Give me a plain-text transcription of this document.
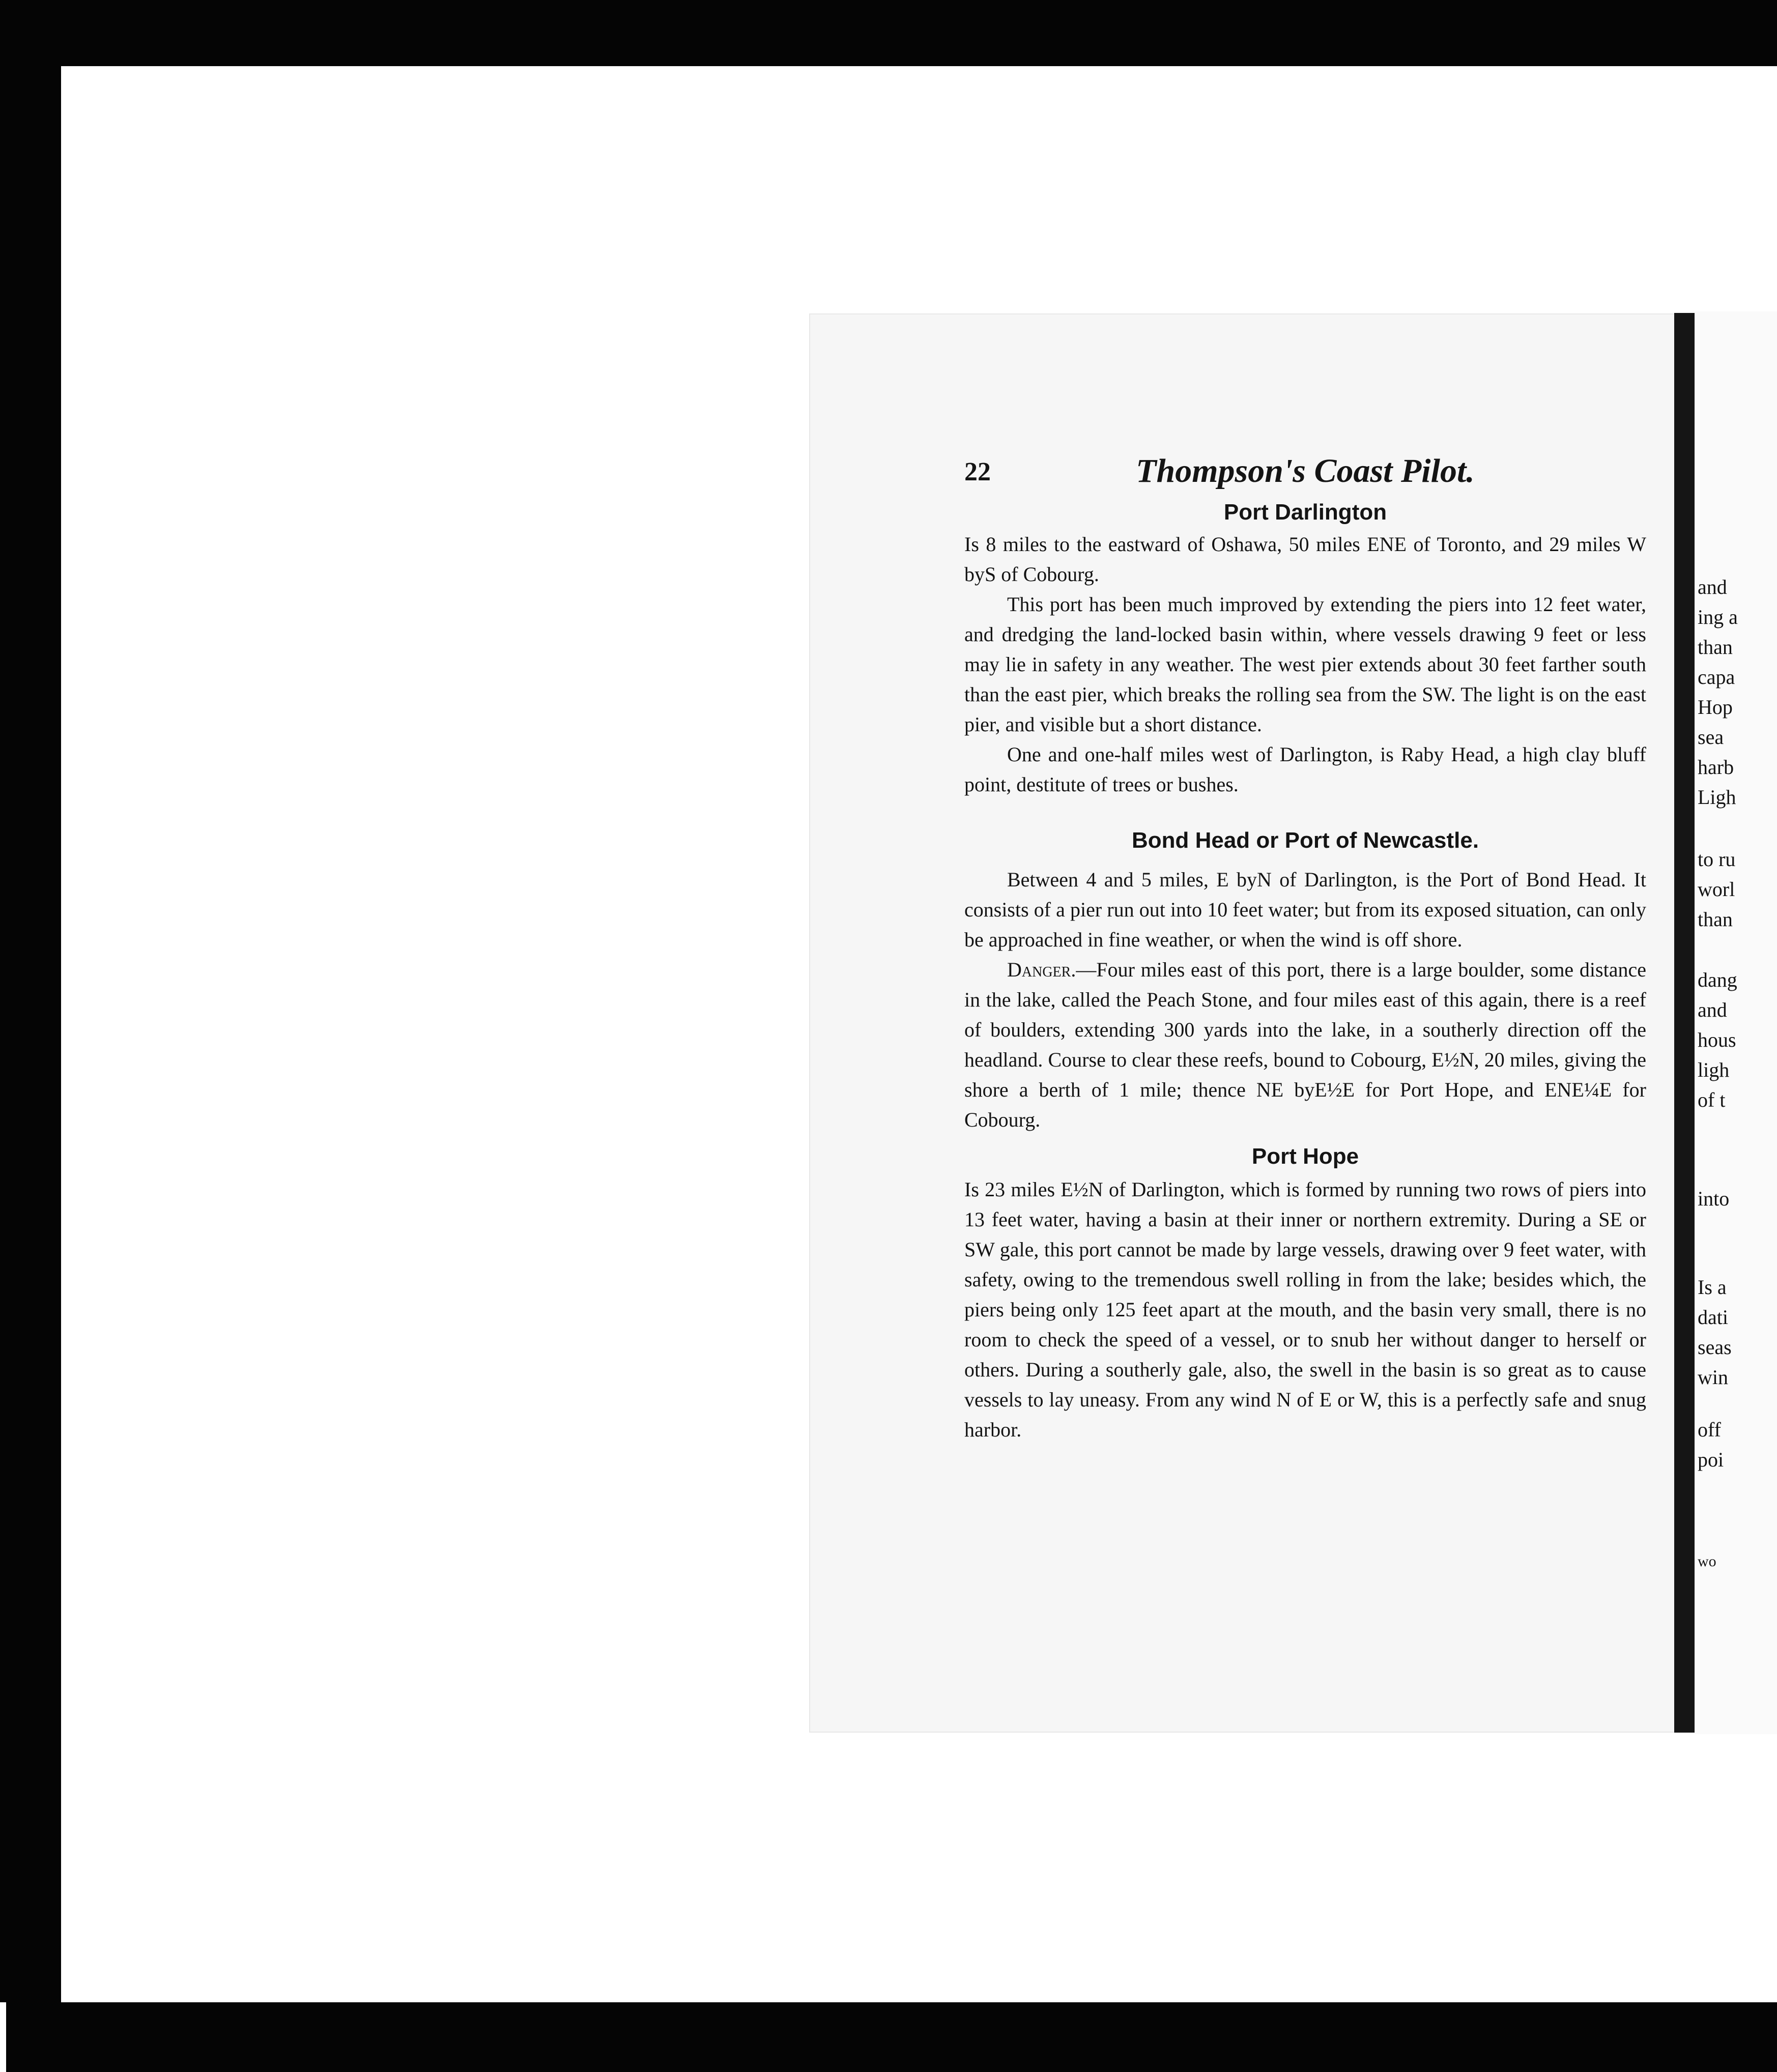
22	Thompson's Coast Pilot.
Port Darlington

Is 8 miles to the eastward of Oshawa, 50 miles ENE of Toronto, and 29 miles W byS of Cobourg.

This port has been much improved by extending the piers into 12 feet water, and dredging the land-locked basin within, where vessels drawing 9 feet or less may lie in safety in any weather. The west pier extends about 30 feet farther south than the east pier, which breaks the rolling sea from the SW. The light is on the east pier, and visible but a short distance.

One and one-half miles west of Darlington, is Raby Head, a high clay bluff point, destitute of trees or bushes.

Bond Head or Port of Newcastle.

Between 4 and 5 miles, E byN of Darlington, is the Port of Bond Head. It consists of a pier run out into 10 feet water; but from its exposed situation, can only be approached in fine weather, or when the wind is off shore.

Danger.—Four miles east of this port, there is a large boulder, some distance in the lake, called the Peach Stone, and four miles east of this again, there is a reef of boulders, extending 300 yards into the lake, in a southerly direction off the headland. Course to clear these reefs, bound to Cobourg, E½N, 20 miles, giving the shore a berth of 1 mile; thence NE byE½E for Port Hope, and ENE¼E for Cobourg.

Port Hope

Is 23 miles E½N of Darlington, which is formed by running two rows of piers into 13 feet water, having a basin at their inner or northern extremity. During a SE or SW gale, this port cannot be made by large vessels, drawing over 9 feet water, with safety, owing to the tremendous swell rolling in from the lake; besides which, the piers being only 125 feet apart at the mouth, and the basin very small, there is no room to check the speed of a vessel, or to snub her without danger to herself or others. During a southerly gale, also, the swell in the basin is so great as to cause vessels to lay uneasy. From any wind N of E or W, this is a perfectly safe and snug harbor.

and
ing a
than
capa
Hop
sea
harb
Ligh
to ru
worl
than
dang
and
hous
ligh
of t
into
Is a
dati
seas
win
off
poi
wo
